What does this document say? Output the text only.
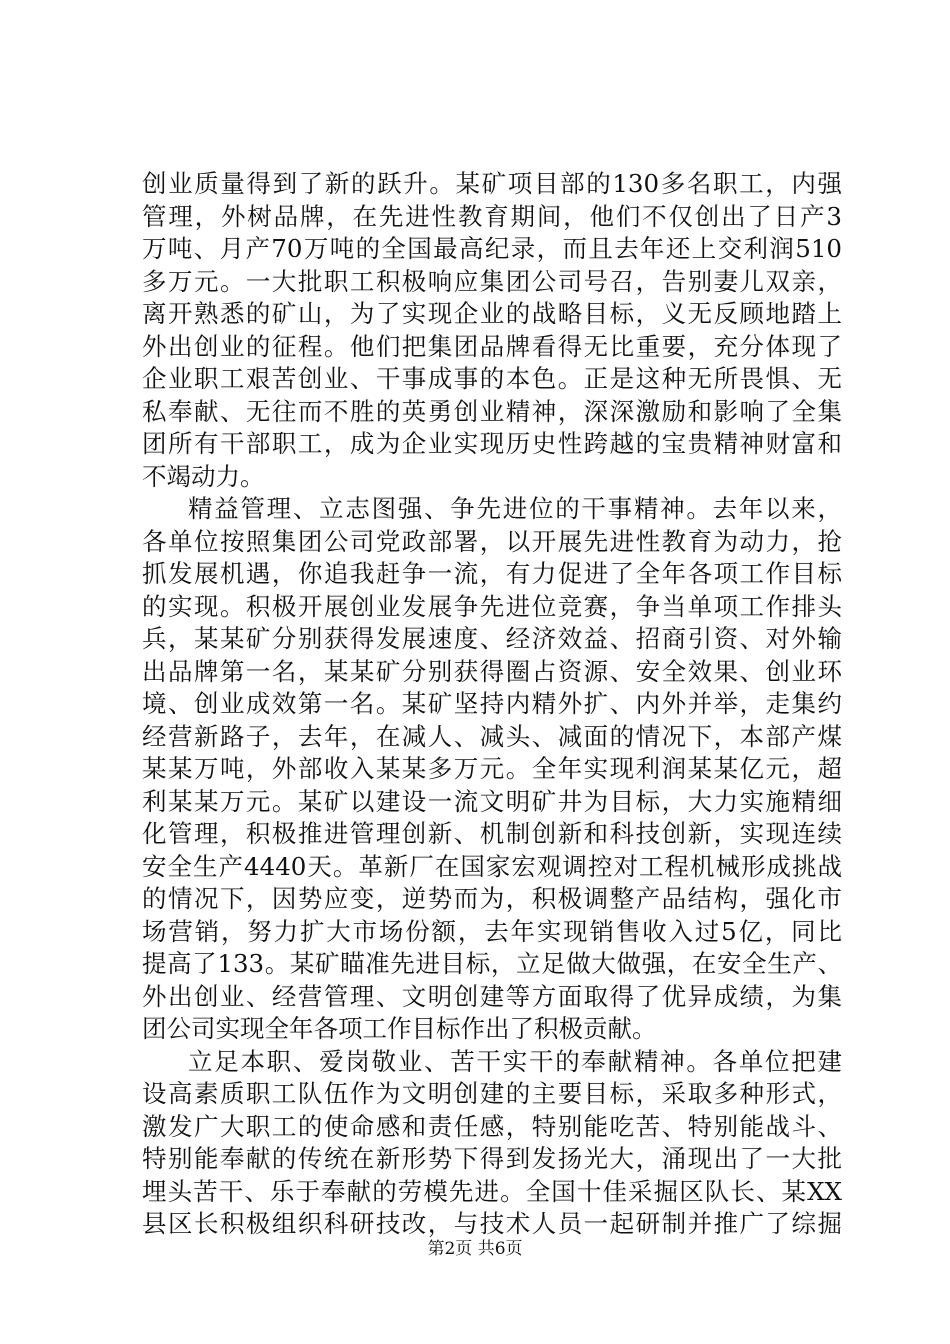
创业质量得到了新的跃升。某矿项目部的130多名职工，内强
管理，外树品牌，在先进性教育期间，他们不仅创出了日产3
万吨、月产70万吨的全国最高纪录，而且去年还上交利润510
多万元。一大批职工积极响应集团公司号召，告别妻儿双亲，
离开熟悉的矿山，为了实现企业的战略目标，义无反顾地踏上
外出创业的征程。他们把集团品牌看得无比重要，充分体现了
企业职工艰苦创业、干事成事的本色。正是这种无所畏惧、无
私奉献、无往而不胜的英勇创业精神，深深激励和影响了全集
团所有干部职工，成为企业实现历史性跨越的宝贵精神财富和
不竭动力。
精益管理、立志图强、争先进位的干事精神。去年以来，
各单位按照集团公司党政部署，以开展先进性教育为动力，抢
抓发展机遇，你追我赶争一流，有力促进了全年各项工作目标
的实现。积极开展创业发展争先进位竞赛，争当单项工作排头
兵，某某矿分别获得发展速度、经济效益、招商引资、对外输
出品牌第一名，某某矿分别获得圈占资源、安全效果、创业环
境、创业成效第一名。某矿坚持内精外扩、内外并举，走集约
经营新路子，去年，在减人、减头、减面的情况下，本部产煤
某某万吨，外部收入某某多万元。全年实现利润某某亿元，超
利某某万元。某矿以建设一流文明矿井为目标，大力实施精细
化管理，积极推进管理创新、机制创新和科技创新，实现连续
安全生产4440天。革新厂在国家宏观调控对工程机械形成挑战
的情况下，因势应变，逆势而为，积极调整产品结构，强化市
场营销，努力扩大市场份额，去年实现销售收入过5亿，同比
提高了133。某矿瞄准先进目标，立足做大做强，在安全生产、
外出创业、经营管理、文明创建等方面取得了优异成绩，为集
团公司实现全年各项工作目标作出了积极贡献。
立足本职、爱岗敬业、苦干实干的奉献精神。各单位把建
设高素质职工队伍作为文明创建的主要目标，采取多种形式，
激发广大职工的使命感和责任感，特别能吃苦、特别能战斗、
特别能奉献的传统在新形势下得到发扬光大，涌现出了一大批
埋头苦干、乐于奉献的劳模先进。全国十佳采掘区队长、某XX
县区长积极组织科研技改，与技术人员一起研制并推广了综掘
第2页 共6页
